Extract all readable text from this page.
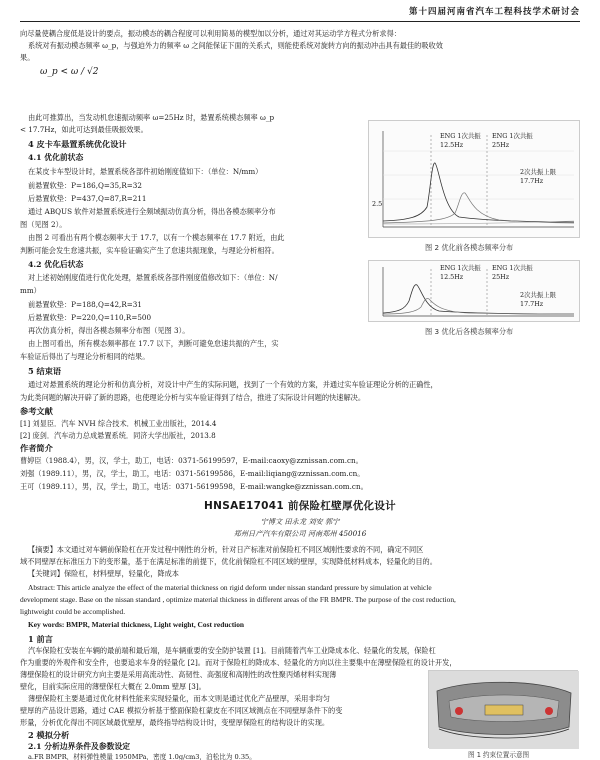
第十四届河南省汽车工程科技学术研讨会
向尽量使耦合度低是设计的要点，振动模态的耦合程度可以利用简易的模型加以分析，通过对其运动学方程式分析求得：
系统对有振动模态频率 ω_p，与强迫外力的频率 ω 之间能保证下面的关系式，则能使系统对旋转方向的振动冲击具有最佳的吸收效
果。
ω_p < ω / √2
由此可推算出，当发动机怠速振动频率 ω=25Hz 时，悬置系统模态频率 ω_p
< 17.7Hz，如此可达到最佳吸振效果。
4 皮卡车悬置系统优化设计
4.1 优化前状态
在某皮卡车型设计时，悬置系统各部件初始刚度值如下：（单位：N/mm）
前悬置软垫：P=186,Q=35,R=32
后悬置软垫：P=437,Q=87,R=211
通过 ABQUS 软件对悬置系统进行全频域振动仿真分析，得出各模态频率分布
图（见图 2）。
由图 2 可看出有两个模态频率大于 17.7，以有一个模态频率在 17.7 附近，由此
判断可能会发生怠速共振，实车验证确实产生了怠速共振现象，与理论分析相符。
4.2 优化后状态
对上述初始刚度值进行优化处理，悬置系统各部件刚度值修改如下：（单位：N/
mm）
前悬置软垫：P=188,Q=42,R=31
后悬置软垫：P=220,Q=110,R=500
再次仿真分析，得出各模态频率分布图（见图 3）。
由上图可看出，所有模态频率都在 17.7 以下，判断可避免怠速共振的产生，实
车验证后得出了与理论分析相同的结果。
ENG 1次共振
12.5Hz
ENG 1次共振
25Hz
2次共振上限
17.7Hz
2.5
图 2 优化前各模态频率分布
ENG 1次共振
12.5Hz
ENG 1次共振
25Hz
2次共振上限
17.7Hz
图 3 优化后各模态频率分布
5 结束语
通过对悬置系统的理论分析和仿真分析，对设计中产生的实际问题，找到了一个有效的方案，并通过实车验证理论分析的正确性，
为此类问题的解决开辟了新的思路，也使理论分析与实车验证得到了结合，推进了实际设计问题的快速解决。
参考文献
[1] 刘显臣．汽车 NVH 综合技术．机械工业出版社，2014.4
[2] 庞剑．汽车动力总成悬置系统．同济大学出版社，2013.8
作者简介
曹婷臣（1988.4），男，汉，学士，助工，电话：0371-56199597，E-mail:caoxy@zznissan.com.cn。
刘强（1989.11），男，汉，学士，助工，电话：0371-56199586，E-mail:liqiang@zznissan.com.cn。
王可（1989.11），男，汉，学士，助工，电话：0371-56199598，E-mail:wangke@zznissan.com.cn。
HNSAE17041 前保险杠壁厚优化设计
宁博文 田永龙 刘安 郭宁
郑州日产汽车有限公司 河南郑州 450016
【摘要】本文通过对车辆前保险杠在开发过程中刚性的分析，针对日产标准对前保险杠不同区域刚性要求的不同，确定不同区
域不同壁厚在标准压力下的变形量，基于在满足标准的前提下，优化前保险杠不同区域的壁厚，实现降低材料成本，轻量化的目的。
【关键词】保险杠，材料壁厚，轻量化，降成本
Abstract: This article analyze the effect of the material thickness on rigid deform under nissan standard pressure by simulation at vehicle
development stage. Base on the nissan standard , optimize material thickness in different areas of the FR BMPR. The purpose of the cost reduction,
lightweight could be accomplished.
Key words: BMPR, Material thickness, Light weight, Cost reduction
1 前言
汽车保险杠安装在车辆的最前端和最后端，是车辆重要的安全防护装置 [1]。目前随着汽车工业降成本化、轻量化的发展，保险杠
作为重要的外观件和安全件，也要追求车身的轻量化 [2]。而对于保险杠的降成本、轻量化的方向以往主要集中在薄壁保险杠的设计开发，
薄壁保险杠的设计研究方向主要是采用高流动性、高韧性、高强度和高刚性的改性聚丙烯材料实现薄
壁化，目前实际应用的薄壁保杠大概在 2.0mm 壁厚 [3]。
薄壁保险杠主要是通过优化材料性能来实现轻量化，而本文则是通过优化产品壁厚，采用非均匀
壁厚的产品设计思路，通过 CAE 模拟分析基于整面保险杠蒙皮在不同区域测点在不同壁厚条件下的变
形量，分析优化得出不同区域最优壁厚，最终指导结构设计时，变壁厚保险杠的结构设计的实现。
2 模拟分析
2.1 分析边界条件及参数设定
a.FR BMPR，材料弹性模量 1950MPa，密度 1.0g/cm3，泊松比为 0.35。	图 1 约束位置示意图
